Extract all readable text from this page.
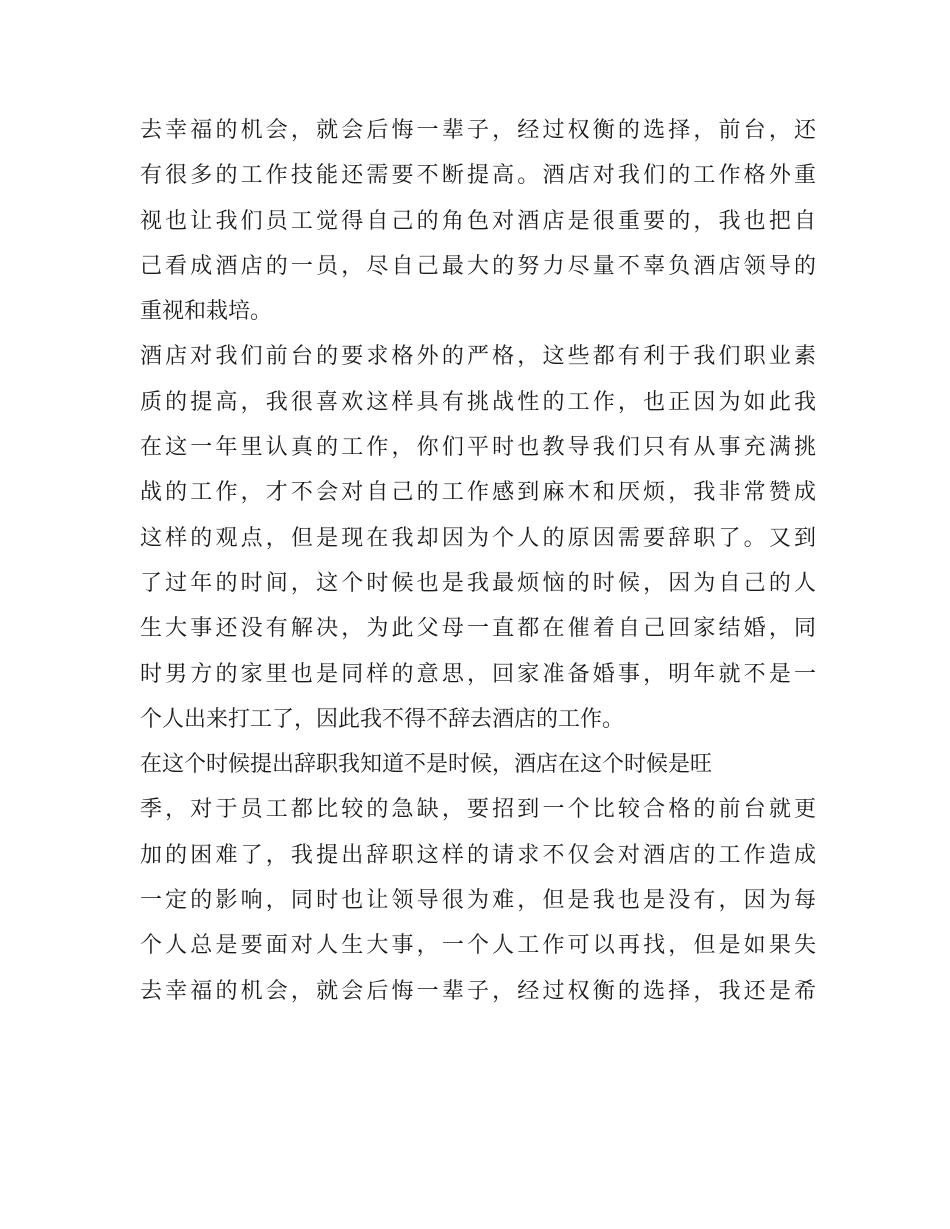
去幸福的机会，就会后悔一辈子，经过权衡的选择，前台，还
有很多的工作技能还需要不断提高。酒店对我们的工作格外重
视也让我们员工觉得自己的角色对酒店是很重要的，我也把自
己看成酒店的一员，尽自己最大的努力尽量不辜负酒店领导的
重视和栽培。
酒店对我们前台的要求格外的严格，这些都有利于我们职业素
质的提高，我很喜欢这样具有挑战性的工作，也正因为如此我
在这一年里认真的工作，你们平时也教导我们只有从事充满挑
战的工作，才不会对自己的工作感到麻木和厌烦，我非常赞成
这样的观点，但是现在我却因为个人的原因需要辞职了。又到
了过年的时间，这个时候也是我最烦恼的时候，因为自己的人
生大事还没有解决，为此父母一直都在催着自己回家结婚，同
时男方的家里也是同样的意思，回家准备婚事，明年就不是一
个人出来打工了，因此我不得不辞去酒店的工作。
在这个时候提出辞职我知道不是时候，酒店在这个时候是旺
季，对于员工都比较的急缺，要招到一个比较合格的前台就更
加的困难了，我提出辞职这样的请求不仅会对酒店的工作造成
一定的影响，同时也让领导很为难，但是我也是没有，因为每
个人总是要面对人生大事，一个人工作可以再找，但是如果失
去幸福的机会，就会后悔一辈子，经过权衡的选择，我还是希
